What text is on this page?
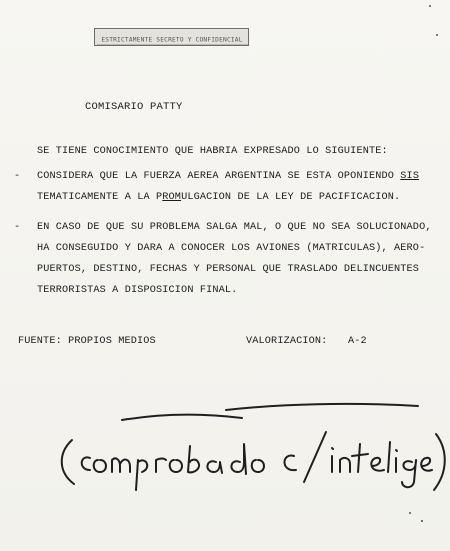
ESTRICTAMENTE SECRETO Y CONFIDENCIAL
COMISARIO PATTY
SE TIENE CONOCIMIENTO QUE HABRIA EXPRESADO LO SIGUIENTE:
- CONSIDERA QUE LA FUERZA AEREA ARGENTINA SE ESTA OPONIENDO SIS
TEMATICAMENTE A LA PROMULGACION DE LA LEY DE PACIFICACION.
- EN CASO DE QUE SU PROBLEMA SALGA MAL, O QUE NO SEA SOLUCIONADO,
HA CONSEGUIDO Y DARA A CONOCER LOS AVIONES (MATRICULAS), AERO-
PUERTOS, DESTINO, FECHAS Y PERSONAL QUE TRASLADO DELINCUENTES
TERRORISTAS A DISPOSICION FINAL.
FUENTE: PROPIOS MEDIOS	VALORIZACION: A-2
